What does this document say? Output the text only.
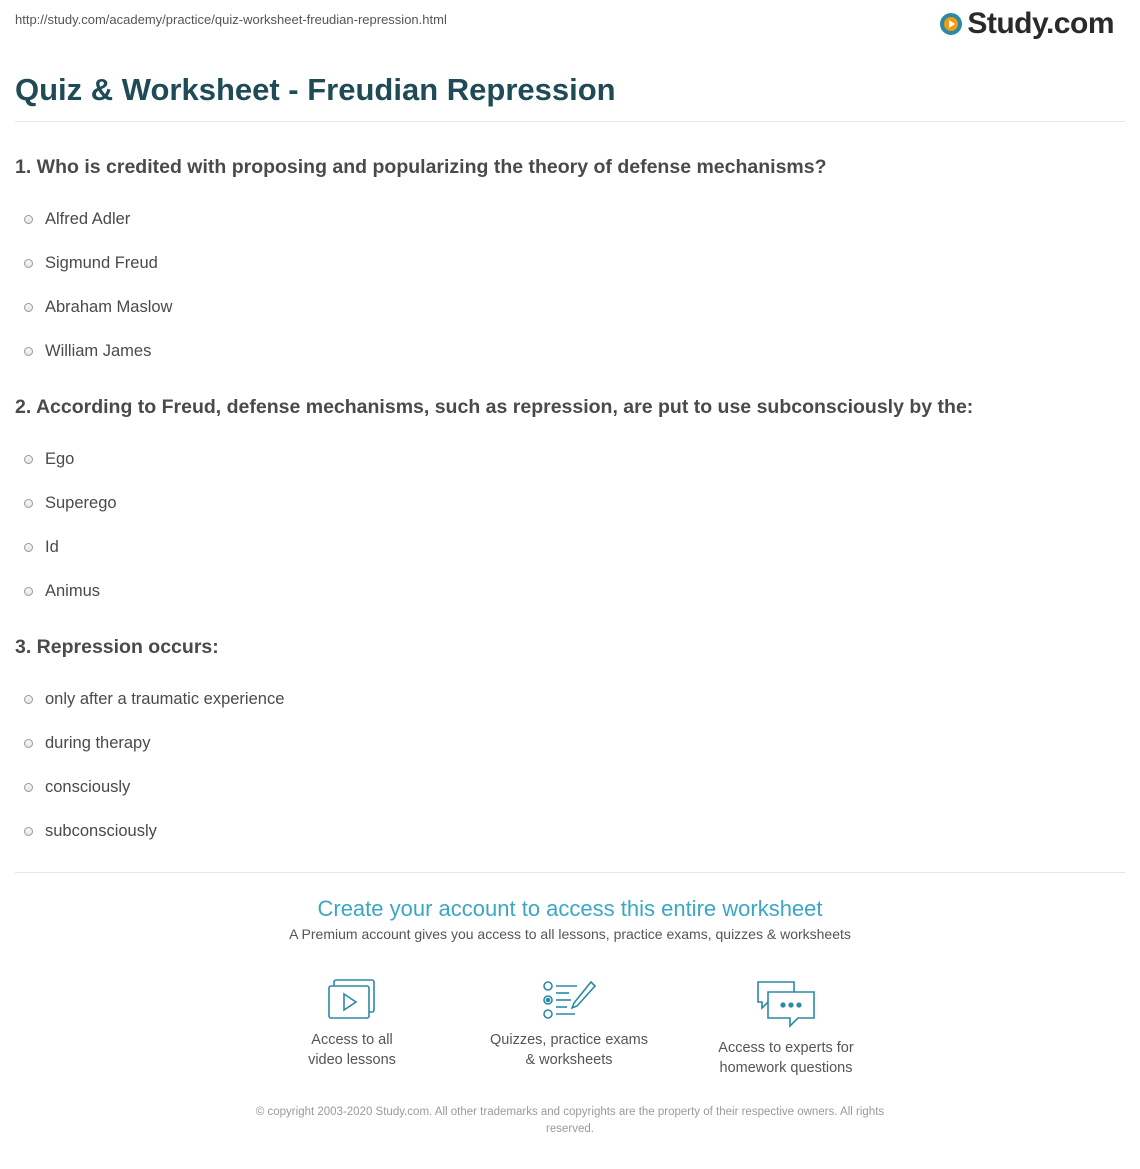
http://study.com/academy/practice/quiz-worksheet-freudian-repression.html	Study.com
Quiz & Worksheet - Freudian Repression

1. Who is credited with proposing and popularizing the theory of defense mechanisms?

Alfred Adler
Sigmund Freud
Abraham Maslow
William James

2. According to Freud, defense mechanisms, such as repression, are put to use subconsciously by the:

Ego
Superego
Id
Animus

3. Repression occurs:

only after a traumatic experience
during therapy
consciously
subconsciously

Create your account to access this entire worksheet

A Premium account gives you access to all lessons, practice exams, quizzes & worksheets
Access to all
video lessons
Quizzes, practice exams
& worksheets
Access to experts for
homework questions
© copyright 2003-2020 Study.com. All other trademarks and copyrights are the property of their respective owners. All rights
reserved.
